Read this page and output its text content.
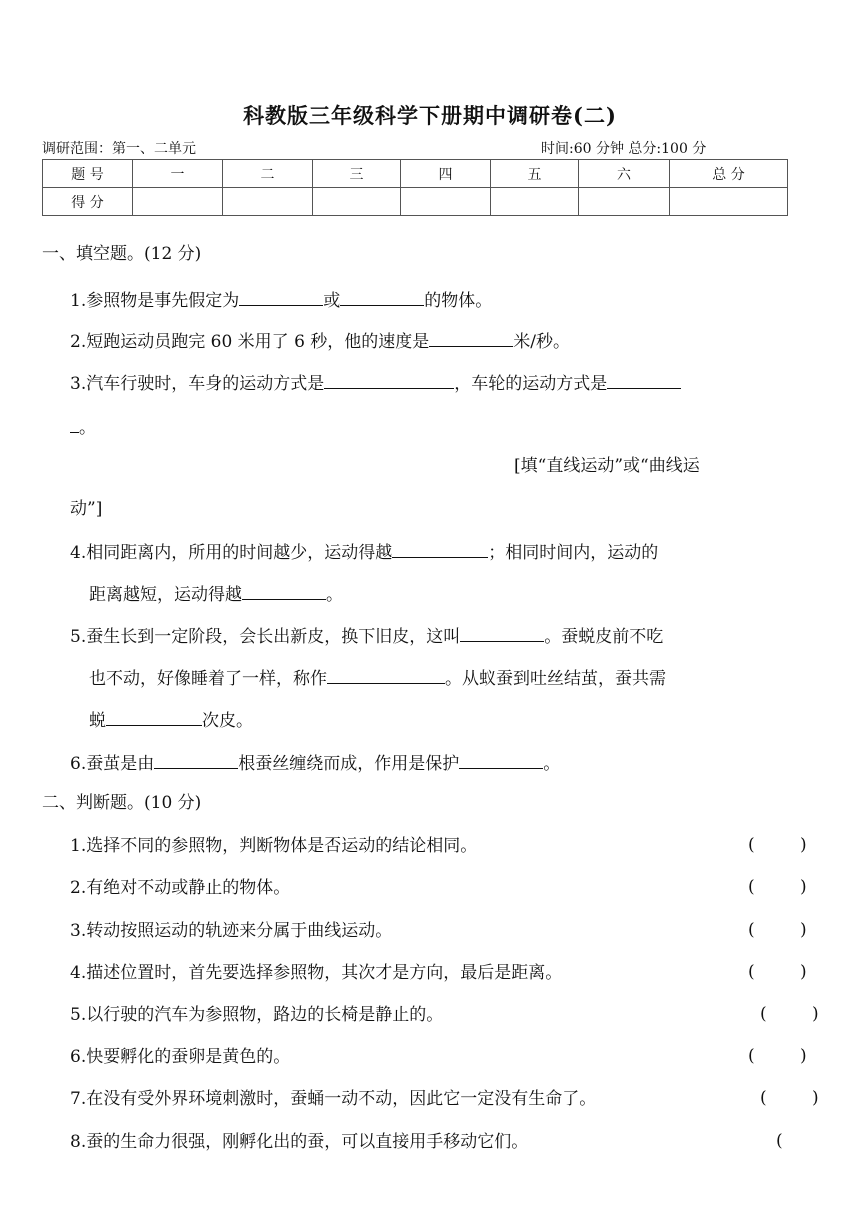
科教版三年级科学下册期中调研卷(二)
调研范围：第一、二单元	时间:60 分钟 总分:100 分
题 号	一	二	三	四	五	六	总 分
得 分							
一、填空题。(12 分)
1.参照物是事先假定为	或	的物体。
2.短跑运动员跑完 60 米用了 6 秒，他的速度是	米/秒。
3.汽车行驶时，车身的运动方式是	，车轮的运动方式是
。
[填“直线运动”或“曲线运
动”]
4.相同距离内，所用的时间越少，运动得越	；相同时间内，运动的
距离越短，运动得越	。
5.蚕生长到一定阶段，会长出新皮，换下旧皮，这叫	。蚕蜕皮前不吃
也不动，好像睡着了一样，称作	。从蚁蚕到吐丝结茧，蚕共需
蜕	次皮。
6.蚕茧是由	根蚕丝缠绕而成，作用是保护	。
二、判断题。(10 分)
1.选择不同的参照物，判断物体是否运动的结论相同。	(	)
2.有绝对不动或静止的物体。	(	)
3.转动按照运动的轨迹来分属于曲线运动。	(	)
4.描述位置时，首先要选择参照物，其次才是方向，最后是距离。	(	)
5.以行驶的汽车为参照物，路边的长椅是静止的。	(	)
6.快要孵化的蚕卵是黄色的。	(	)
7.在没有受外界环境刺激时，蚕蛹一动不动，因此它一定没有生命了。	(	)
8.蚕的生命力很强，刚孵化出的蚕，可以直接用手移动它们。	(
